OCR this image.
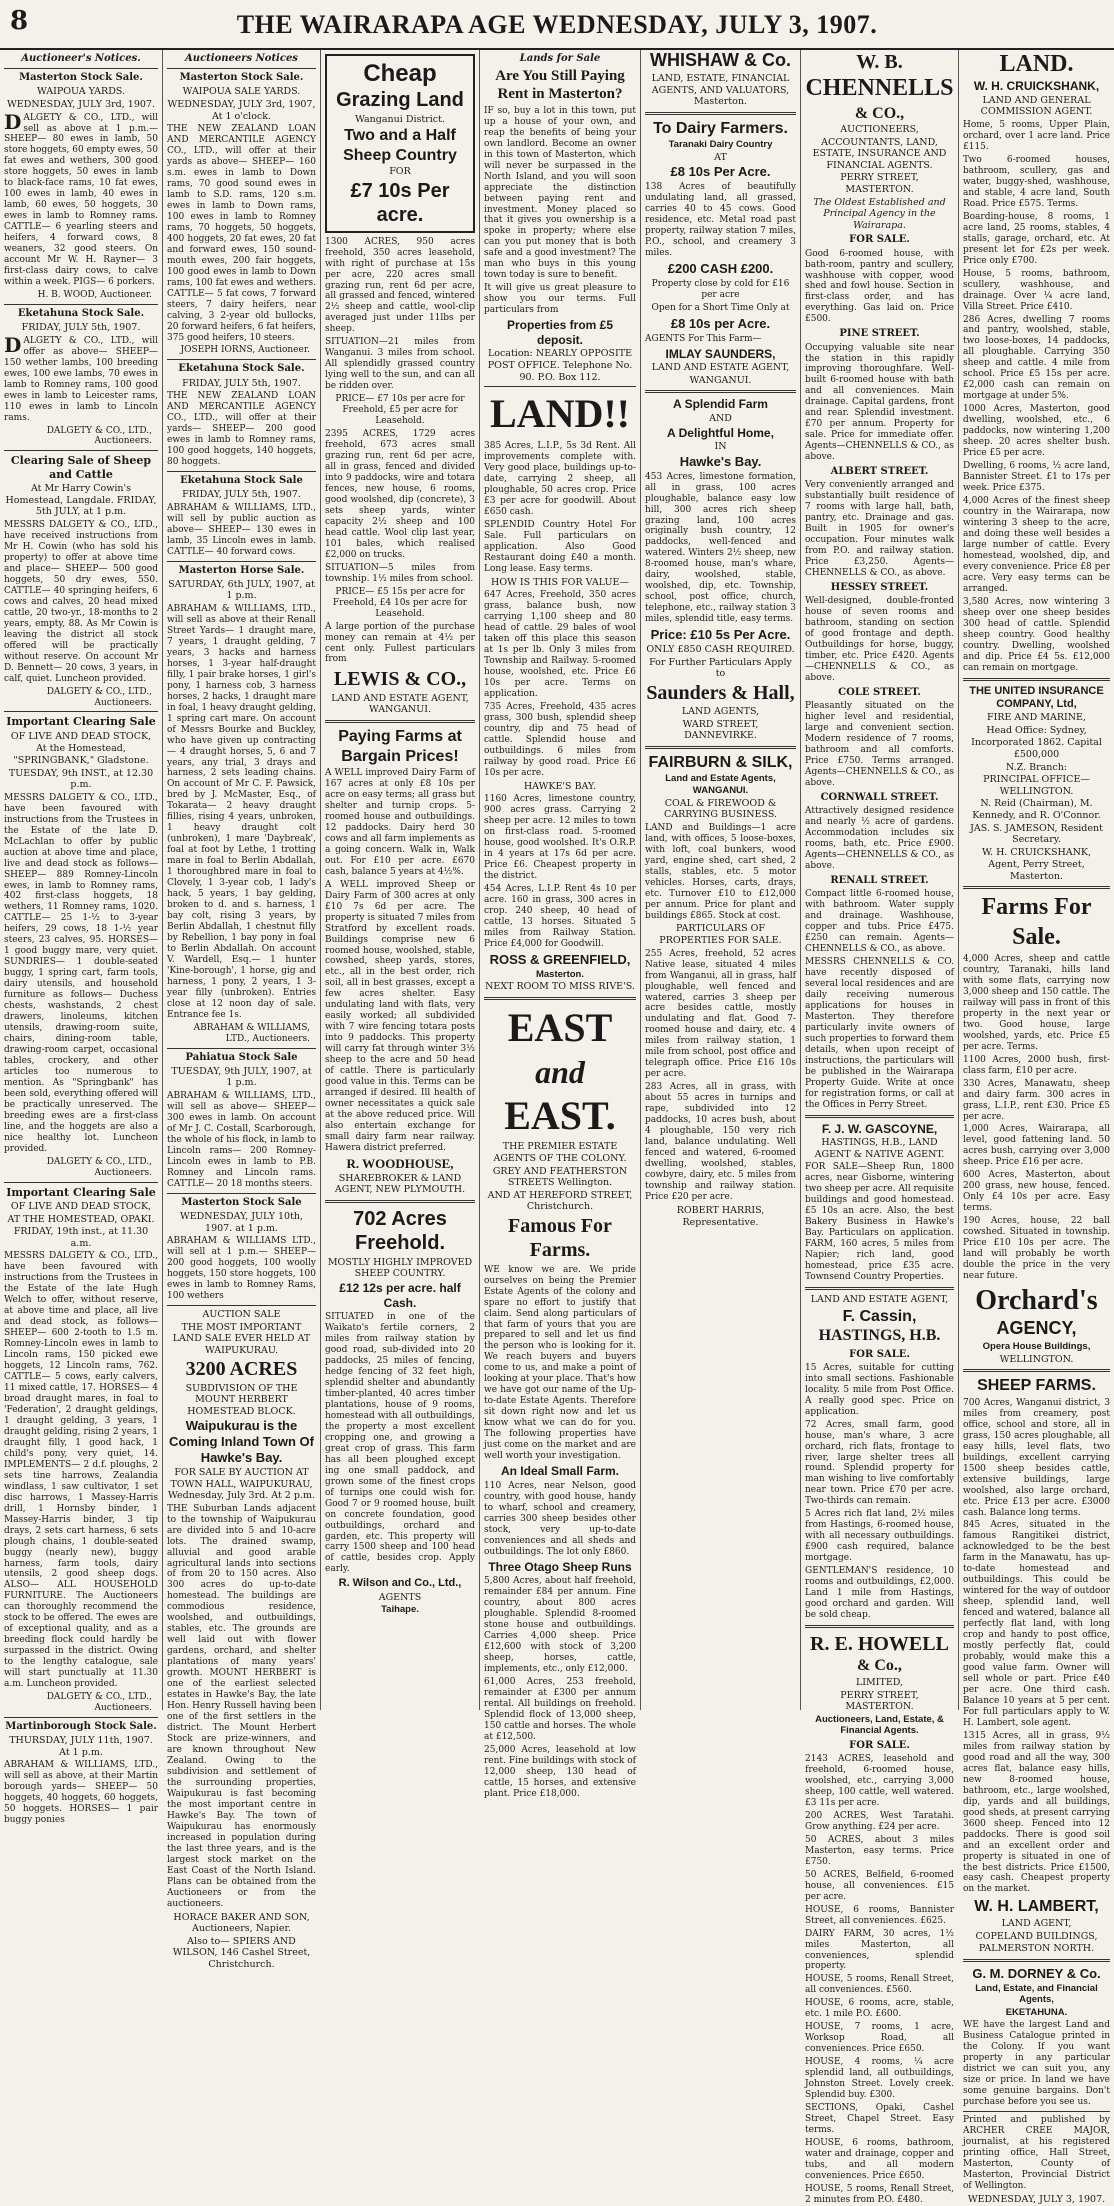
8	THE WAIRARAPA AGE WEDNESDAY, JULY 3, 1907.
Auctioneer's Notices.
Masterton Stock Sale.
WAIPOUA YARDS.
WEDNESDAY, JULY 3rd, 1907.
DALGETY & CO., LTD., will sell as above at 1 p.m.— SHEEP— 80 ewes in lamb, 50 store hoggets, 60 empty ewes, 50 fat ewes and wethers, 300 good store hoggets, 50 ewes in lamb to black-face rams, 10 fat ewes, 100 ewes in lamb, 40 ewes in lamb, 60 ewes, 50 hoggets, 30 ewes in lamb to Romney rams. CATTLE— 6 yearling steers and heifers, 4 forward cows, 8 weaners, 32 good steers. On account Mr W. H. Rayner— 3 first-class dairy cows, to calve within a week. PIGS— 6 porkers.
H. B. WOOD, Auctioneer.
Eketahuna Stock Sale.
FRIDAY, JULY 5th, 1907.
DALGETY & CO., LTD., will offer as above— SHEEP— 150 wether lambs, 100 breeding ewes, 100 ewe lambs, 70 ewes in lamb to Romney rams, 100 good ewes in lamb to Leicester rams, 110 ewes in lamb to Lincoln rams.
DALGETY & CO., LTD., Auctioneers.
Clearing Sale of Sheep and Cattle
At Mr Harry Cowin's Homestead, Langdale. FRIDAY, 5th JULY, at 1 p.m.
MESSRS DALGETY & CO., LTD., have received instructions from Mr H. Cowin (who has sold his property) to offer at above time and place— SHEEP— 500 good hoggets, 50 dry ewes, 550. CATTLE— 40 springing heifers, 6 cows and calves, 20 head mixed cattle, 20 two-yr., 18-months to 2 years, empty, 88. As Mr Cowin is leaving the district all stock offered will be practically without reserve. On account Mr D. Bennett— 20 cows, 3 years, in calf, quiet. Luncheon provided.
DALGETY & CO., LTD., Auctioneers.
Important Clearing Sale
OF LIVE AND DEAD STOCK,
At the Homestead, "SPRINGBANK," Gladstone.
TUESDAY, 9th INST., at 12.30 p.m.
MESSRS DALGETY & CO., LTD., have been favoured with instructions from the Trustees in the Estate of the late D. McLachlan to offer by public auction at above time and place, live and dead stock as follows— SHEEP— 889 Romney-Lincoln ewes, in lamb to Romney rams, 402 first-class hoggets, 18 wethers, 11 Romney rams, 1020. CATTLE— 25 1-½ to 3-year heifers, 29 cows, 18 1-½ year steers, 23 calves, 95. HORSES— 1 good buggy mare, very quiet. SUNDRIES— 1 double-seated buggy, 1 spring cart, farm tools, dairy utensils, and household furniture as follows— Duchess chests, washstands, 2 chest drawers, linoleums, kitchen utensils, drawing-room suite, chairs, dining-room table, drawing-room carpet, occasional tables, crockery, and other articles too numerous to mention. As "Springbank" has been sold, everything offered will be practically unreserved. The breeding ewes are a first-class line, and the hoggets are also a nice healthy lot. Luncheon provided.
DALGETY & CO., LTD., Auctioneers.
Important Clearing Sale
OF LIVE AND DEAD STOCK,
AT THE HOMESTEAD, OPAKI.
FRIDAY, 19th inst., at 11.30 a.m.
MESSRS DALGETY & CO., LTD., have been favoured with instructions from the Trustees in the Estate of the late Hugh Welch to offer, without reserve, at above time and place, all live and dead stock, as follows— SHEEP— 600 2-tooth to 1.5 m. Romney-Lincoln ewes in lamb to Lincoln rams, 150 picked ewe hoggets, 12 Lincoln rams, 762. CATTLE— 5 cows, early calvers, 11 mixed cattle, 17. HORSES— 4 broad draught mares, in foal to 'Federation', 2 draught geldings, 1 draught gelding, 3 years, 1 draught gelding, rising 2 years, 1 draught filly, 1 good hack, 1 child's pony, very quiet, 14. IMPLEMENTS— 2 d.f. ploughs, 2 sets tine harrows, Zealandia windlass, 1 saw cultivator, 1 set disc harrows, 1 Massey-Harris drill, 1 Hornsby binder, 1 Massey-Harris binder, 3 tip drays, 2 sets cart harness, 6 sets plough chains, 1 double-seated buggy (nearly new), buggy harness, farm tools, dairy utensils, 2 good sheep dogs. ALSO— ALL HOUSEHOLD FURNITURE. The Auctioneers can thoroughly recommend the stock to be offered. The ewes are of exceptional quality, and as a breeding flock could hardly be surpassed in the district. Owing to the lengthy catalogue, sale will start punctually at 11.30 a.m. Luncheon provided.
DALGETY & CO., LTD., Auctioneers.
Martinborough Stock Sale.
THURSDAY, JULY 11th, 1907. At 1 p.m.
ABRAHAM & WILLIAMS, LTD., will sell as above, at their Martin borough yards— SHEEP— 50 hoggets, 40 hoggets, 60 hoggets, 50 hoggets. HORSES— 1 pair buggy ponies
Auctioneers Notices
Masterton Stock Sale.
WAIPOUA SALE YARDS.
WEDNESDAY, JULY 3rd, 1907, At 1 o'clock.
THE NEW ZEALAND LOAN AND MERCANTILE AGENCY CO., LTD., will offer at their yards as above— SHEEP— 160 s.m. ewes in lamb to Down rams, 70 good sound ewes in lamb to S.D. rams, 120 s.m. ewes in lamb to Down rams, 100 ewes in lamb to Romney rams, 70 hoggets, 50 hoggets, 400 hoggets, 20 fat ewes, 20 fat and forward ewes, 150 sound-mouth ewes, 200 fair hoggets, 100 good ewes in lamb to Down rams, 100 fat ewes and wethers. CATTLE— 5 fat cows, 7 forward steers, 7 dairy heifers, near calving, 3 2-year old bullocks, 20 forward heifers, 6 fat heifers, 375 good heifers, 10 steers.
JOSEPH IORNS, Auctioneer.
Eketahuna Stock Sale.
FRIDAY, JULY 5th, 1907.
THE NEW ZEALAND LOAN AND MERCANTILE AGENCY CO., LTD., will offer at their yards— SHEEP— 200 good ewes in lamb to Romney rams, 100 good hoggets, 140 hoggets, 80 hoggets.
Eketahuna Stock Sale
FRIDAY, JULY 5th, 1907.
ABRAHAM & WILLIAMS, LTD., will sell by public auction as above— SHEEP— 130 ewes in lamb, 35 Lincoln ewes in lamb. CATTLE— 40 forward cows.
Masterton Horse Sale.
SATURDAY, 6th JULY, 1907, at 1 p.m.
ABRAHAM & WILLIAMS, LTD., will sell as above at their Renall Street Yards— 1 draught mare, 7 years, 1 draught gelding, 7 years, 3 hacks and harness horses, 1 3-year half-draught filly, 1 pair brake horses, 1 girl's pony, 1 harness cob, 3 harness horses, 2 hacks, 1 draught mare in foal, 1 heavy draught gelding, 1 spring cart mare. On account of Messrs Bourke and Buckley, who have given up contracting— 4 draught horses, 5, 6 and 7 years, any trial, 3 drays and harness, 2 sets leading chains. On account of Mr C. F. Pawsick, bred by J. McMaster, Esq., of Tokarata— 2 heavy draught fillies, rising 4 years, unbroken, 1 heavy draught colt (unbroken), 1 mare 'Daybreak', foal at foot by Lethe, 1 trotting mare in foal to Berlin Abdallah, 1 thoroughbred mare in foal to Clovely, 1 3-year cob, 1 lady's hack, 5 years, 1 bay gelding, broken to d. and s. harness, 1 bay colt, rising 3 years, by Berlin Abdallah, 1 chestnut filly by Rebellion, 1 bay pony in foal to Berlin Abdallah. On account V. Wardell, Esq.— 1 hunter 'Kine-borough', 1 horse, gig and harness, 1 pony, 2 years, 1 3-year filly (unbroken). Entries close at 12 noon day of sale. Entrance fee 1s.
ABRAHAM & WILLIAMS, LTD., Auctioneers.
Pahiatua Stock Sale
TUESDAY, 9th JULY, 1907, at 1 p.m.
ABRAHAM & WILLIAMS, LTD., will sell as above— SHEEP— 300 ewes in lamb. On account of Mr J. C. Costall, Scarborough, the whole of his flock, in lamb to Lincoln rams— 200 Romney-Lincoln ewes in lamb to P.B. Romney and Lincoln rams. CATTLE— 20 18 months steers.
Masterton Stock Sale
WEDNESDAY, JULY 10th, 1907. at 1 p.m.
ABRAHAM & WILLIAMS LTD., will sell at 1 p.m.— SHEEP— 200 good hoggets, 100 woolly hoggets, 150 store hoggets, 100 ewes in lamb to Romney Rams, 100 wethers
AUCTION SALE
THE MOST IMPORTANT LAND SALE EVER HELD AT WAIPUKURAU.
3200 ACRES
SUBDIVISION OF THE MOUNT HERBERT HOMESTEAD BLOCK.
Waipukurau is the Coming Inland Town Of Hawke's Bay.
FOR SALE BY AUCTION AT TOWN HALL, WAIPUKURAU, Wednesday, July 3rd. At 2 p.m.
THE Suburban Lands adjacent to the township of Waipukurau are divided into 5 and 10-acre lots. The drained swamp, alluvial and good arable agricultural lands into sections of from 20 to 150 acres. Also 300 acres do up-to-date homestead. The buildings are commodious residence, woolshed, and outbuildings, stables, etc. The grounds are well laid out with flower gardens, orchard, and shelter plantations of many years' growth. MOUNT HERBERT is one of the earliest selected estates in Hawke's Bay, the late Hon. Henry Russell having been one of the first settlers in the district. The Mount Herbert Stock are prize-winners, and are known throughout New Zealand. Owing to the subdivision and settlement of the surrounding properties, Waipukurau is fast becoming the most important centre in Hawke's Bay. The town of Waipukurau has enormously increased in population during the last three years, and is the largest stock market on the East Coast of the North Island. Plans can be obtained from the Auctioneers or from the auctioneers.
HORACE BAKER AND SON, Auctioneers, Napier.
Also to— SPIERS AND WILSON, 146 Cashel Street, Christchurch.
Cheap
Grazing Land
Wanganui District.
Two and a Half Sheep Country
FOR
£7 10s Per acre.
1300 ACRES, 950 acres freehold, 350 acres leasehold, with right of purchase at 15s per acre, 220 acres small grazing run, rent 6d per acre, all grassed and fenced, wintered 2½ sheep and cattle, wool-clip averaged just under 11lbs per sheep.
SITUATION—21 miles from Wanganui. 3 miles from school. All splendidly grassed country lying well to the sun, and can all be ridden over.
PRICE— £7 10s per acre for Freehold, £5 per acre for Leasehold.
2395 ACRES, 1729 acres freehold, 673 acres small grazing run, rent 6d per acre, all in grass, fenced and divided into 9 paddocks, wire and totara fences, new house, 6 rooms, good woolshed, dip (concrete), 3 sets sheep yards, winter capacity 2½ sheep and 100 head cattle. Wool clip last year, 101 bales, which realised £2,000 on trucks.
SITUATION—5 miles from township. 1½ miles from school.
PRICE— £5 15s per acre for Freehold, £4 10s per acre for Leasehold.
A large portion of the purchase money can remain at 4½ per cent only. Fullest particulars from
LEWIS & CO.,
LAND AND ESTATE AGENT, WANGANUI.
Paying Farms at Bargain Prices!
A WELL improved Dairy Farm of 167 acres at only £8 10s per acre on easy terms; all grass but shelter and turnip crops. 5-roomed house and outbuildings. 12 paddocks. Dairy herd 30 cows and all farm implements as a going concern. Walk in, Walk out. For £10 per acre. £670 cash, balance 5 years at 4½%.
A WELL improved Sheep or Dairy Farm of 300 acres at only £10 7s 6d per acre. The property is situated 7 miles from Stratford by excellent roads. Buildings comprise new 6 roomed house, woolshed, stable, cowshed, sheep yards, stores, etc., all in the best order, rich soil, all in best grasses, except a few acres shelter. Easy undulating land with flats, very easily worked; all subdivided with 7 wire fencing totara posts into 9 paddocks. This property will carry fat through winter 3½ sheep to the acre and 50 head of cattle. There is particularly good value in this. Terms can be arranged if desired. Ill health of owner necessitates a quick sale at the above reduced price. Will also entertain exchange for small dairy farm near railway. Hawera district preferred.
R. WOODHOUSE,
SHAREBROKER & LAND AGENT, NEW PLYMOUTH.
702 Acres Freehold.
MOSTLY HIGHLY IMPROVED SHEEP COUNTRY.
£12 12s per acre. half Cash.
SITUATED in one of the Waikato's fertile corners, 2 miles from railway station by good road, sub-divided into 20 paddocks, 25 miles of fencing, hedge fencing of 32 feet high, splendid shelter and abundantly timber-planted, 40 acres timber plantations, house of 9 rooms, homestead with all outbuildings, the property a most excellent cropping one, and growing a great crop of grass. This farm has all been ploughed except ing one small paddock, and grown some of the finest crops of turnips one could wish for. Good 7 or 9 roomed house, built on concrete foundation, good outbuildings, orchard and garden, etc. This property will carry 1500 sheep and 100 head of cattle, besides crop. Apply early.
R. Wilson and Co., Ltd.,
AGENTS
Taihape.
Lands for Sale
Are You Still Paying Rent in Masterton?
IF so, buy a lot in this town, put up a house of your own, and reap the benefits of being your own landlord. Become an owner in this town of Masterton, which will never be surpassed in the North Island, and you will soon appreciate the distinction between paying rent and investment. Money placed so that it gives you ownership is a spoke in property; where else can you put money that is both safe and a good investment? The man who buys in this young town today is sure to benefit.
It will give us great pleasure to show you our terms. Full particulars from
Properties from £5 deposit.
Location: NEARLY OPPOSITE POST OFFICE. Telephone No. 90. P.O. Box 112.
LAND!!
385 Acres, L.I.P., 5s 3d Rent. All improvements complete with. Very good place, buildings up-to-date, carrying 2 sheep, all ploughable, 50 acres crop. Price £3 per acre for goodwill. About £650 cash.
SPLENDID Country Hotel For Sale. Full particulars on application. Also Good Restaurant doing £40 a month. Long lease. Easy terms.
HOW IS THIS FOR VALUE—
647 Acres, Freehold, 350 acres grass, balance bush, now carrying 1,100 sheep and 80 head of cattle. 29 bales of wool taken off this place this season at 1s per lb. Only 3 miles from Township and Railway. 5-roomed house, woolshed, etc. Price £6 10s per acre. Terms on application.
735 Acres, Freehold, 435 acres grass, 300 bush, splendid sheep country, dip and 75 head of cattle. Splendid house and outbuildings. 6 miles from railway by good road. Price £6 10s per acre.
HAWKE'S BAY.
1160 Acres, limestone country, 900 acres grass. Carrying 2 sheep per acre. 12 miles to town on first-class road. 5-roomed house, good woolshed. It's O.R.P. in 4 years at 17s 6d per acre. Price £6. Cheapest property in the district.
454 Acres, L.I.P. Rent 4s 10 per acre. 160 in grass, 300 acres in crop. 240 sheep, 40 head of cattle, 13 horses. Situated 5 miles from Railway Station. Price £4,000 for Goodwill.
ROSS & GREENFIELD,
Masterton.
NEXT ROOM TO MISS RIVE'S.
EAST
and
EAST.
THE PREMIER ESTATE AGENTS OF THE COLONY.
GREY AND FEATHERSTON STREETS Wellington.
AND AT HEREFORD STREET, Christchurch.
Famous For Farms.
WE know we are. We pride ourselves on being the Premier Estate Agents of the colony and spare no effort to justify that claim. Send along particulars of that farm of yours that you are prepared to sell and let us find the person who is looking for it. We reach buyers and buyers come to us, and make a point of looking at your place. That's how we have got our name of the Up-to-date Estate Agents. Therefore sit down right now and let us know what we can do for you. The following properties have just come on the market and are well worth your investigation.
An Ideal Small Farm.
110 Acres, near Nelson, good country, with good house, handy to wharf, school and creamery, carries 300 sheep besides other stock, very up-to-date conveniences and all sheds and outbuildings. The lot only £860.
Three Otago Sheep Runs
5,800 Acres, about half freehold, remainder £84 per annum. Fine country, about 800 acres ploughable. Splendid 8-roomed stone house and outbuildings. Carries 4,000 sheep. Price £12,600 with stock of 3,200 sheep, horses, cattle, implements, etc., only £12,000.
61,000 Acres, 253 freehold, remainder at £300 per annum rental. All buildings on freehold. Splendid flock of 13,000 sheep, 150 cattle and horses. The whole at £12,500.
25,000 Acres, leasehold at low rent. Fine buildings with stock of 12,000 sheep, 130 head of cattle, 15 horses, and extensive plant. Price £18,000.
WHISHAW & Co.
LAND, ESTATE, FINANCIAL AGENTS, AND VALUATORS, Masterton.
To Dairy Farmers.
Taranaki Dairy Country
AT
£8 10s Per Acre.
138 Acres of beautifully undulating land, all grassed, carries 40 to 45 cows. Good residence, etc. Metal road past property, railway station 7 miles, P.O., school, and creamery 3 miles.
£200 CASH £200.
Property close by cold for £16 per acre
Open for a Short Time Only at
£8 10s per Acre.
AGENTS For This Farm—
IMLAY SAUNDERS,
LAND AND ESTATE AGENT,
WANGANUI.
A Splendid Farm
AND
A Delightful Home,
IN
Hawke's Bay.
453 Acres, limestone formation, all in grass, 100 acres ploughable, balance easy low hill, 300 acres rich sheep grazing land, 100 acres originally bush country, 12 paddocks, well-fenced and watered. Winters 2½ sheep, new 8-roomed house, man's whare, dairy, woolshed, stable, woolshed, dip, etc. Township, school, post office, church, telephone, etc., railway station 3 miles, splendid title, easy terms.
Price: £10 5s Per Acre.
ONLY £850 CASH REQUIRED.
For Further Particulars Apply to
Saunders & Hall,
LAND AGENTS,
WARD STREET, DANNEVIRKE.
FAIRBURN & SILK,
Land and Estate Agents, WANGANUI.
COAL & FIREWOOD & CARRYING BUSINESS.
LAND and Buildings—1 acre land, with offices, 5 loose-boxes, with loft, coal bunkers, wood yard, engine shed, cart shed, 2 stalls, stables, etc. 5 motor vehicles. Horses, carts, drays, etc. Turnover £10 to £12,000 per annum. Price for plant and buildings £865. Stock at cost.
PARTICULARS OF PROPERTIES FOR SALE.
255 Acres, freehold, 52 acres Native lease, situated 4 miles from Wanganui, all in grass, half ploughable, well fenced and watered, carries 3 sheep per acre besides cattle, mostly undulating and flat. Good 7-roomed house and dairy, etc. 4 miles from railway station, 1 mile from school, post office and telegraph office. Price £16 10s per acre.
283 Acres, all in grass, with about 55 acres in turnips and rape, subdivided into 12 paddocks, 10 acres bush, about 4 ploughable, 150 very rich land, balance undulating. Well fenced and watered, 6-roomed dwelling, woolshed, stables, cowbyre, dairy, etc. 5 miles from township and railway station. Price £20 per acre.
ROBERT HARRIS,
Representative.
W. B.
CHENNELLS
& CO.,
AUCTIONEERS,
ACCOUNTANTS, LAND, ESTATE, INSURANCE AND FINANCIAL AGENTS.
PERRY STREET, MASTERTON.
The Oldest Established and Principal Agency in the Wairarapa.
FOR SALE.
Good 6-roomed house, with bath-room, pantry and scullery, washhouse with copper, wood shed and fowl house. Section in first-class order, and has everything. Gas laid on. Price £500.
PINE STREET.
Occupying valuable site near the station in this rapidly improving thoroughfare. Well-built 6-roomed house with bath and all conveniences. Main drainage. Capital gardens, front and rear. Splendid investment. £70 per annum. Property for sale. Price for immediate offer. Agents—CHENNELLS & CO., as above.
ALBERT STREET.
Very conveniently arranged and substantially built residence of 7 rooms with large hall, bath, pantry, etc. Drainage and gas. Built in 1905 for owner's occupation. Four minutes walk from P.O. and railway station. Price £3,250. Agents—CHENNELLS & CO., as above.
HESSEY STREET.
Well-designed, double-fronted house of seven rooms and bathroom, standing on section of good frontage and depth. Outbuildings for horse, buggy, timber, etc. Price £420. Agents—CHENNELLS & CO., as above.
COLE STREET.
Pleasantly situated on the higher level and residential, large and convenient section. Modern residence of 7 rooms, bathroom and all comforts. Price £750. Terms arranged. Agents—CHENNELLS & CO., as above.
CORNWALL STREET.
Attractively designed residence and nearly ½ acre of gardens. Accommodation includes six rooms, bath, etc. Price £900. Agents—CHENNELLS & CO., as above.
RENALL STREET.
Compact little 6-roomed house, with bathroom. Water supply and drainage. Washhouse, copper and tubs. Price £475. £250 can remain. Agents—CHENNELLS & CO., as above.
MESSRS CHENNELLS & CO. have recently disposed of several local residences and are daily receiving numerous applications for houses in Masterton. They therefore particularly invite owners of such properties to forward them details, when upon receipt of instructions, the particulars will be published in the Wairarapa Property Guide. Write at once for registration forms, or call at the Offices in Perry Street.
F. J. W. GASCOYNE,
HASTINGS, H.B., LAND AGENT & NATIVE AGENT.
FOR SALE—Sheep Run, 1800 acres, near Gisborne, wintering two sheep per acre. All requisite buildings and good homestead. £5 10s an acre. Also, the best Bakery Business in Hawke's Bay. Particulars on application. FARM, 160 acres, 5 miles from Napier; rich land, good homestead, price £35 acre. Townsend Country Properties.
LAND AND ESTATE AGENT,
F. Cassin,
HASTINGS, H.B.
FOR SALE.
15 Acres, suitable for cutting into small sections. Fashionable locality. 5 mile from Post Office. A really good spec. Price on application.
72 Acres, small farm, good house, man's whare, 3 acre orchard, rich flats, frontage to river, large shelter trees all round. Splendid property for man wishing to live comfortably near town. Price £70 per acre. Two-thirds can remain.
5 Acres rich flat land, 2½ miles from Hastings, 6-roomed house, with all necessary outbuildings. £900 cash required, balance mortgage.
GENTLEMAN'S residence, 10 rooms and outbuildings, £2,000. Land 1 mile from Hastings, good orchard and garden. Will be sold cheap.
R. E. HOWELL
& Co.,
LIMITED,
PERRY STREET, MASTERTON.
Auctioneers, Land, Estate, & Financial Agents.
FOR SALE.
2143 ACRES, leasehold and freehold, 6-roomed house, woolshed, etc., carrying 3,000 sheep, 100 cattle, well watered. £3 11s per acre.
200 ACRES, West Taratahi. Grow anything. £24 per acre.
50 ACRES, about 3 miles Masterton, easy terms. Price £750.
50 ACRES, Belfield, 6-roomed house, all conveniences. £15 per acre.
HOUSE, 6 rooms, Bannister Street, all conveniences. £625.
DAIRY FARM, 30 acres, 1½ miles Masterton, all conveniences, splendid property.
HOUSE, 5 rooms, Renall Street, all conveniences. £560.
HOUSE, 6 rooms, acre, stable, etc. 1 mile P.O. £600.
HOUSE, 7 rooms, 1 acre, Worksop Road, all conveniences. Price £650.
HOUSE, 4 rooms, ¼ acre splendid land, all outbuildings, Johnston Street. Lovely creek. Splendid buy. £300.
SECTIONS, Opaki, Cashel Street, Chapel Street. Easy terms.
HOUSE, 6 rooms, bathroom, water and drainage, copper and tubs, and all modern conveniences. Price £650.
HOUSE, 5 rooms, Renall Street, 2 minutes from P.O. £480.
LAND.
W. H. CRUICKSHANK,
LAND AND GENERAL COMMISSION AGENT.
Home, 5 rooms, Upper Plain, orchard, over 1 acre land. Price £115.
Two 6-roomed houses, bathroom, scullery, gas and water, buggy-shed, washhouse, and stable, 4 acre land, South Road. Price £575. Terms.
Boarding-house, 8 rooms, 1 acre land, 25 rooms, stables, 4 stalls, garage, orchard, etc. At present let for £2s per week. Price only £700.
House, 5 rooms, bathroom, scullery, washhouse, and drainage. Over ¼ acre land, Villa Street. Price £410.
286 Acres, dwelling 7 rooms and pantry, woolshed, stable, two loose-boxes, 14 paddocks, all ploughable. Carrying 350 sheep and cattle. 4 mile from school. Price £5 15s per acre. £2,000 cash can remain on mortgage at under 5%.
1000 Acres, Masterton, good dwelling, woolshed, etc., 6 paddocks, now wintering 1,200 sheep. 20 acres shelter bush. Price £5 per acre.
Dwelling, 6 rooms, ½ acre land, Bannister Street. £1 to 17s per week. Price £375.
4,000 Acres of the finest sheep country in the Wairarapa, now wintering 3 sheep to the acre, and doing these well besides a large number of cattle. Every homestead, woolshed, dip, and every convenience. Price £8 per acre. Very easy terms can be arranged.
3,580 Acres, now wintering 3 sheep over one sheep besides 300 head of cattle. Splendid sheep country. Good healthy country. Dwelling, woolshed and dip. Price £4 5s. £12,000 can remain on mortgage.
THE UNITED INSURANCE COMPANY, Ltd,
FIRE AND MARINE,
Head Office: Sydney,
Incorporated 1862. Capital £500,000
N.Z. Branch:
PRINCIPAL OFFICE—WELLINGTON.
N. Reid (Chairman), M. Kennedy, and R. O'Connor.
JAS. S. JAMESON, Resident Secretary.
W. H. CRUICKSHANK,
Agent, Perry Street, Masterton.
Farms For Sale.
4,000 Acres, sheep and cattle country, Taranaki, hills land with some flats, carrying now 3,000 sheep and 150 cattle. The railway will pass in front of this property in the next year or two. Good house, large woolshed, yards, etc. Price £5 per acre. Terms.
1100 Acres, 2000 bush, first-class farm, £10 per acre.
330 Acres, Manawatu, sheep and dairy farm. 300 acres in grass, L.I.P., rent £30. Price £5 per acre.
1,000 Acres, Wairarapa, all level, good fattening land. 50 acres bush, carrying over 3,000 sheep. Price £16 per acre.
600 Acres, Masterton, about 200 grass, new house, fenced. Only £4 10s per acre. Easy terms.
190 Acres, house, 22 ball cowshed. Situated in township. Price £10 10s per acre. The land will probably be worth double the price in the very near future.
Orchard's
AGENCY,
Opera House Buildings,
WELLINGTON.
SHEEP FARMS.
700 Acres, Wanganui district, 3 miles from creamery, post office, school and store, all in grass, 150 acres ploughable, all easy hills, level flats, two buildings, excellent carrying 1500 sheep besides cattle, extensive buildings, large woolshed, also large orchard, etc. Price £13 per acre. £3000 cash. Balance long terms.
845 Acres, situated in the famous Rangitikei district, acknowledged to be the best farm in the Manawatu, has up-to-date homestead and outbuildings. This could be wintered for the way of outdoor sheep, splendid land, well fenced and watered, balance all perfectly flat land, with long crop and handy to post office, mostly perfectly flat, could probably, would make this a good value farm. Owner will sell whole or part. Price £40 per acre. One third cash. Balance 10 years at 5 per cent. For full particulars apply to W. H. Lambert, sole agent.
1315 Acres, all in grass, 9½ miles from railway station by good road and all the way, 300 acres flat, balance easy hills, new 8-roomed house, bathroom, etc., large woolshed, dip, yards and all buildings, good sheds, at present carrying 3600 sheep. Fenced into 12 paddocks. There is good soil and an excellent order and property is situated in one of the best districts. Price £1500, easy cash. Cheapest property on the market.
W. H. LAMBERT,
LAND AGENT,
COPELAND BUILDINGS,
PALMERSTON NORTH.
G. M. DORNEY & Co.
Land, Estate, and Financial Agents,
EKETAHUNA.
WE have the largest Land and Business Catalogue printed in the Colony. If you want property in any particular district we can suit you, any size or price. In land we have some genuine bargains. Don't purchase before you see us.
Printed and published by ARCHER CREE MAJOR, journalist, at his registered printing office, Hall Street, Masterton, County of Masterton, Provincial District of Wellington.
WEDNESDAY, JULY 3, 1907.
